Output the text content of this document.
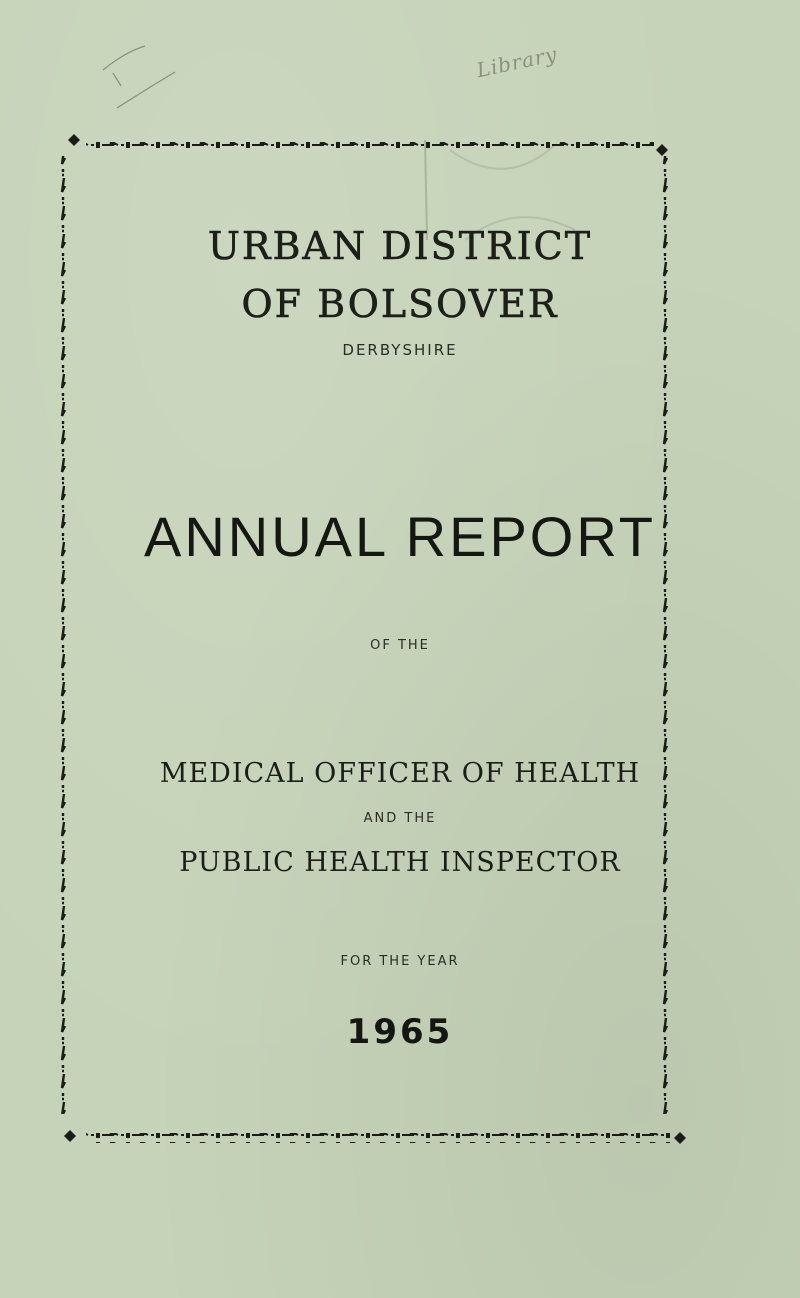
Library
URBAN DISTRICT
OF BOLSOVER
DERBYSHIRE
ANNUAL REPORT
OF THE
MEDICAL OFFICER OF HEALTH
AND THE
PUBLIC HEALTH INSPECTOR
FOR THE YEAR
1965
